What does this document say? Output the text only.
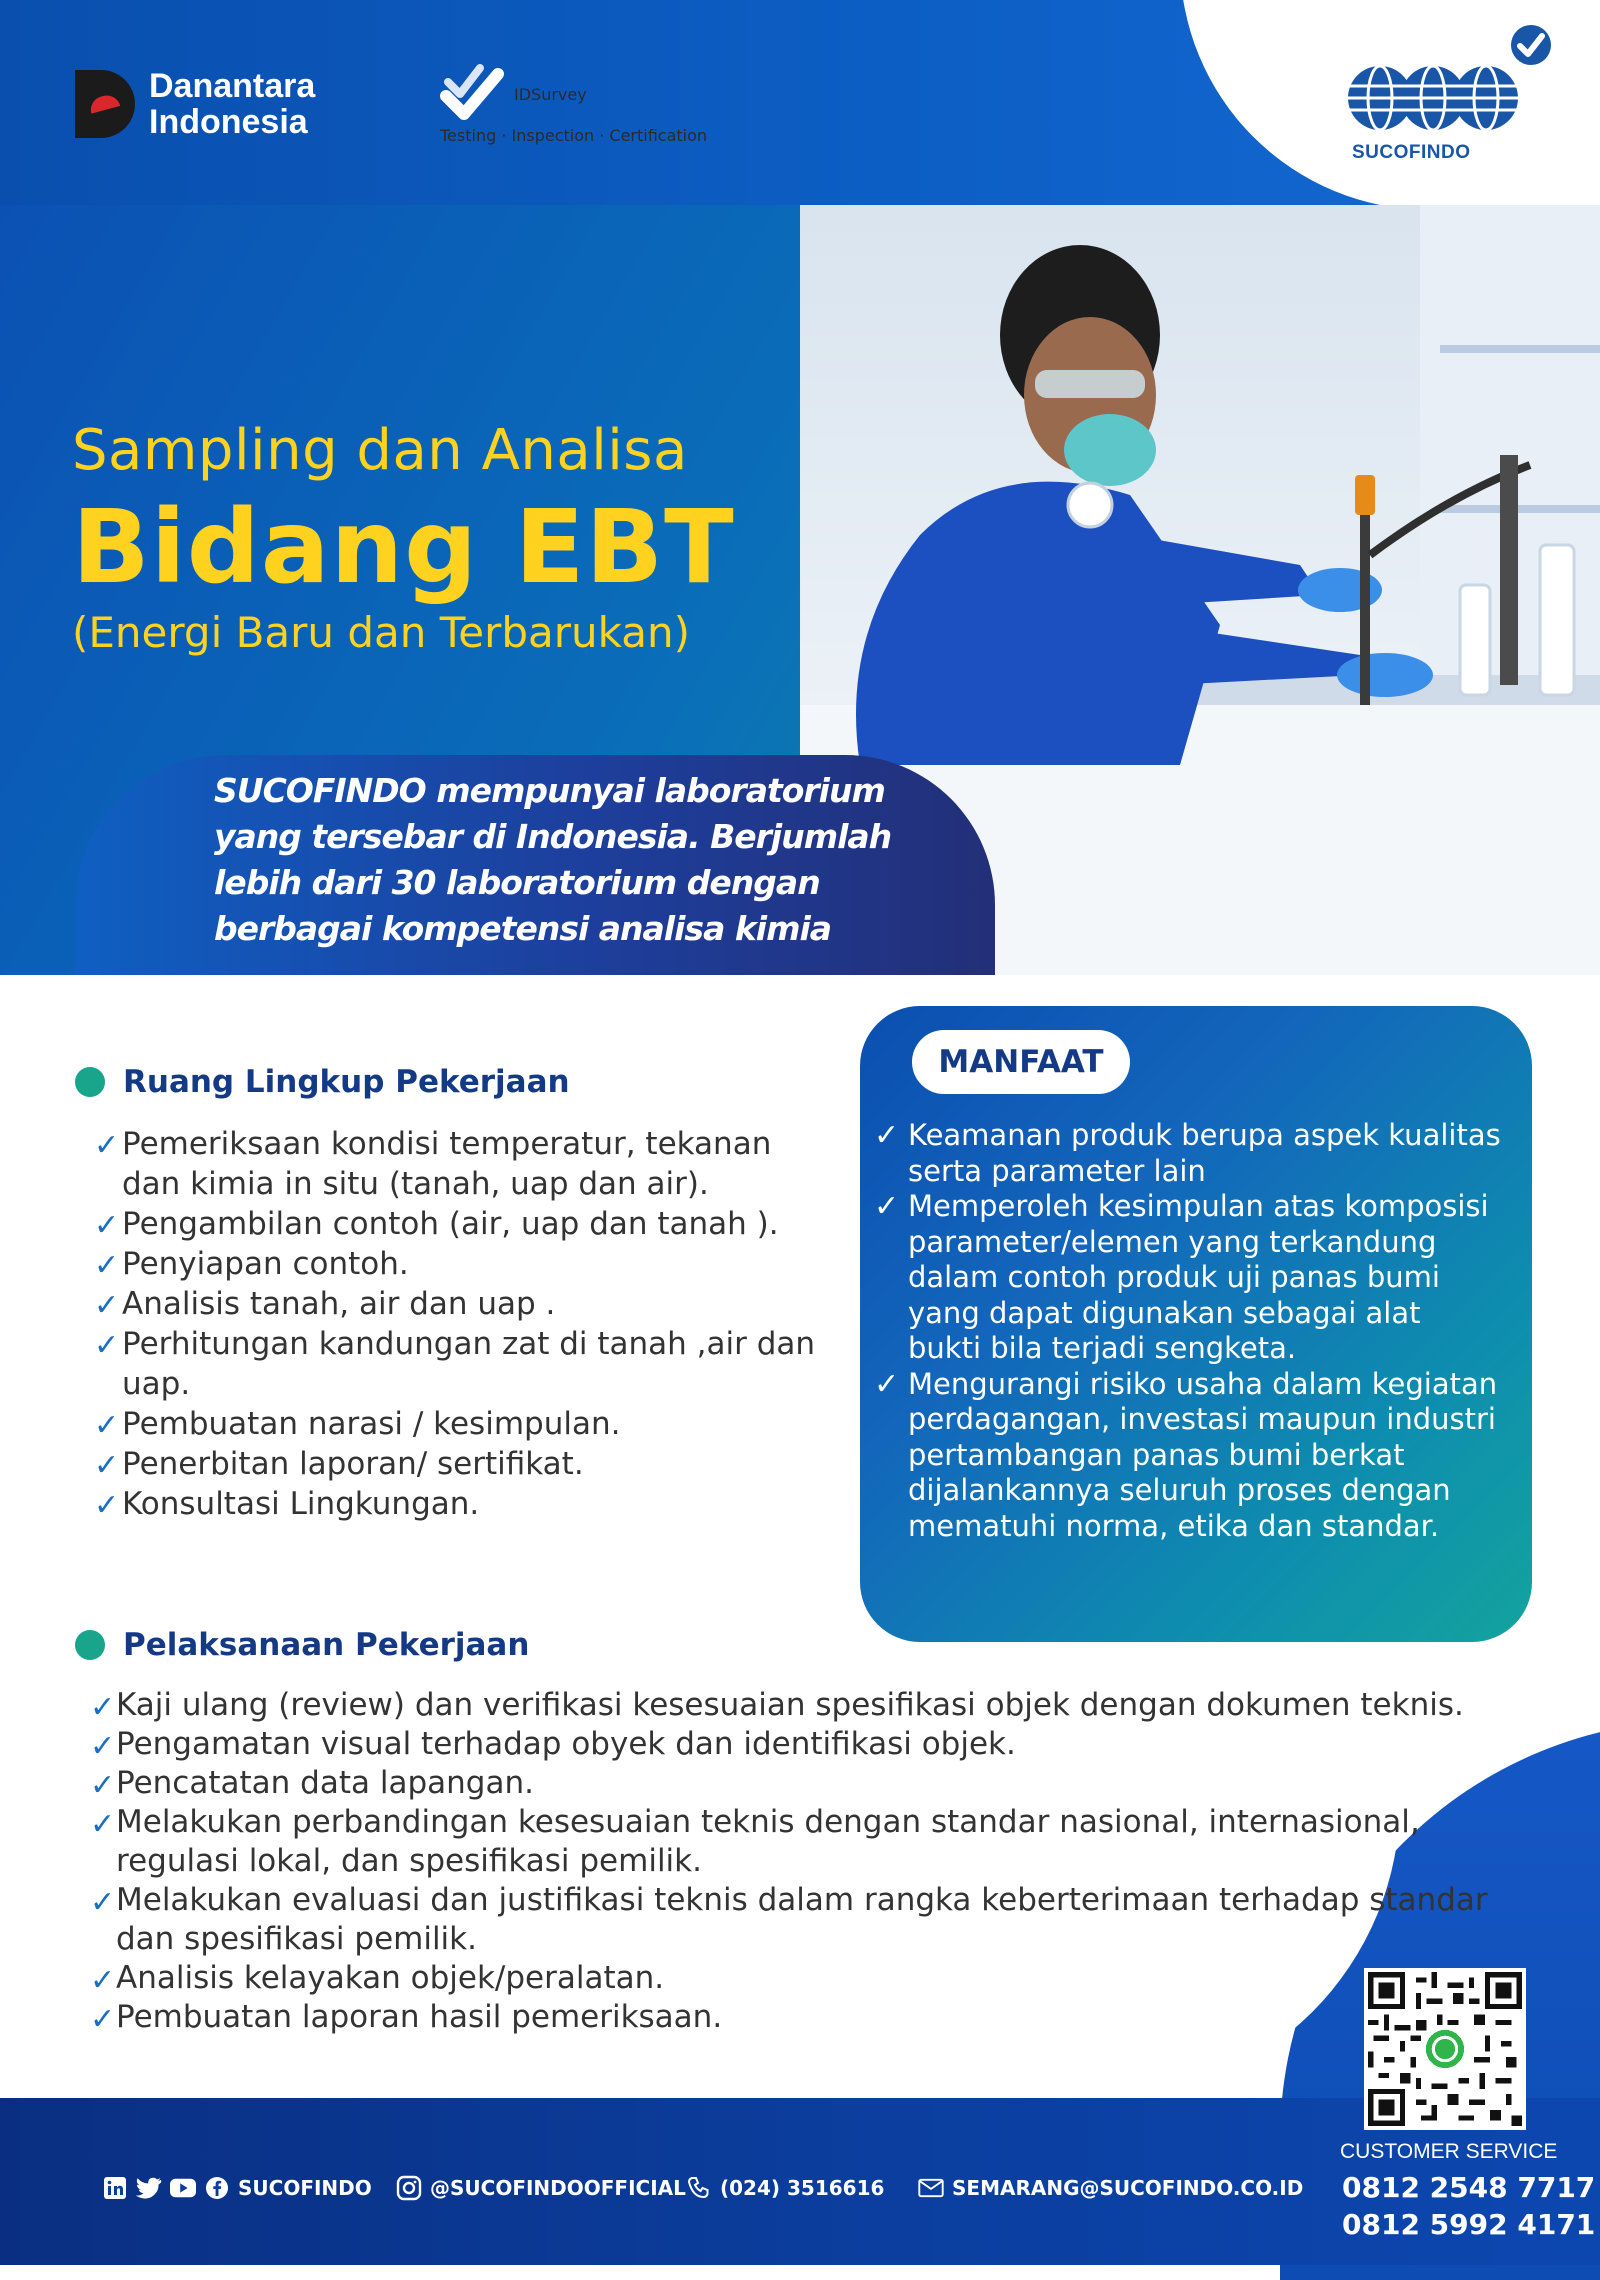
Danantara
Indonesia
IDSurvey
Testing · Inspection · Certification
SUCOFINDO
Sampling dan Analisa
Bidang EBT
(Energi Baru dan Terbarukan)
SUCOFINDO mempunyai laboratorium yang tersebar di Indonesia. Berjumlah lebih dari 30 laboratorium dengan berbagai kompetensi analisa kimia
Ruang Lingkup Pekerjaan
✓ Pemeriksaan kondisi temperatur, tekanan dan kimia in situ (tanah, uap dan air).
✓ Pengambilan contoh (air, uap dan tanah ).
✓ Penyiapan contoh.
✓ Analisis tanah, air dan uap .
✓ Perhitungan kandungan zat di tanah ,air dan uap.
✓ Pembuatan narasi / kesimpulan.
✓ Penerbitan laporan/ sertifikat.
✓ Konsultasi Lingkungan.
MANFAAT
✓ Keamanan produk berupa aspek kualitas serta parameter lain
✓ Memperoleh kesimpulan atas komposisi parameter/elemen yang terkandung dalam contoh produk uji panas bumi yang dapat digunakan sebagai alat bukti bila terjadi sengketa.
✓ Mengurangi risiko usaha dalam kegiatan perdagangan, investasi maupun industri pertambangan panas bumi berkat dijalankannya seluruh proses dengan mematuhi norma, etika dan standar.
Pelaksanaan Pekerjaan
✓ Kaji ulang (review) dan verifikasi kesesuaian spesifikasi objek dengan dokumen teknis.
✓ Pengamatan visual terhadap obyek dan identifikasi objek.
✓ Pencatatan data lapangan.
✓ Melakukan perbandingan kesesuaian teknis dengan standar nasional, internasional, regulasi lokal, dan spesifikasi pemilik.
✓ Melakukan evaluasi dan justifikasi teknis dalam rangka keberterimaan terhadap standar dan spesifikasi pemilik.
✓ Analisis kelayakan objek/peralatan.
✓ Pembuatan laporan hasil pemeriksaan.
CUSTOMER SERVICE
0812 2548 7717
0812 5992 4171
SUCOFINDO	@SUCOFINDOOFFICIAL (024) 3516616	SEMARANG@SUCOFINDO.CO.ID
